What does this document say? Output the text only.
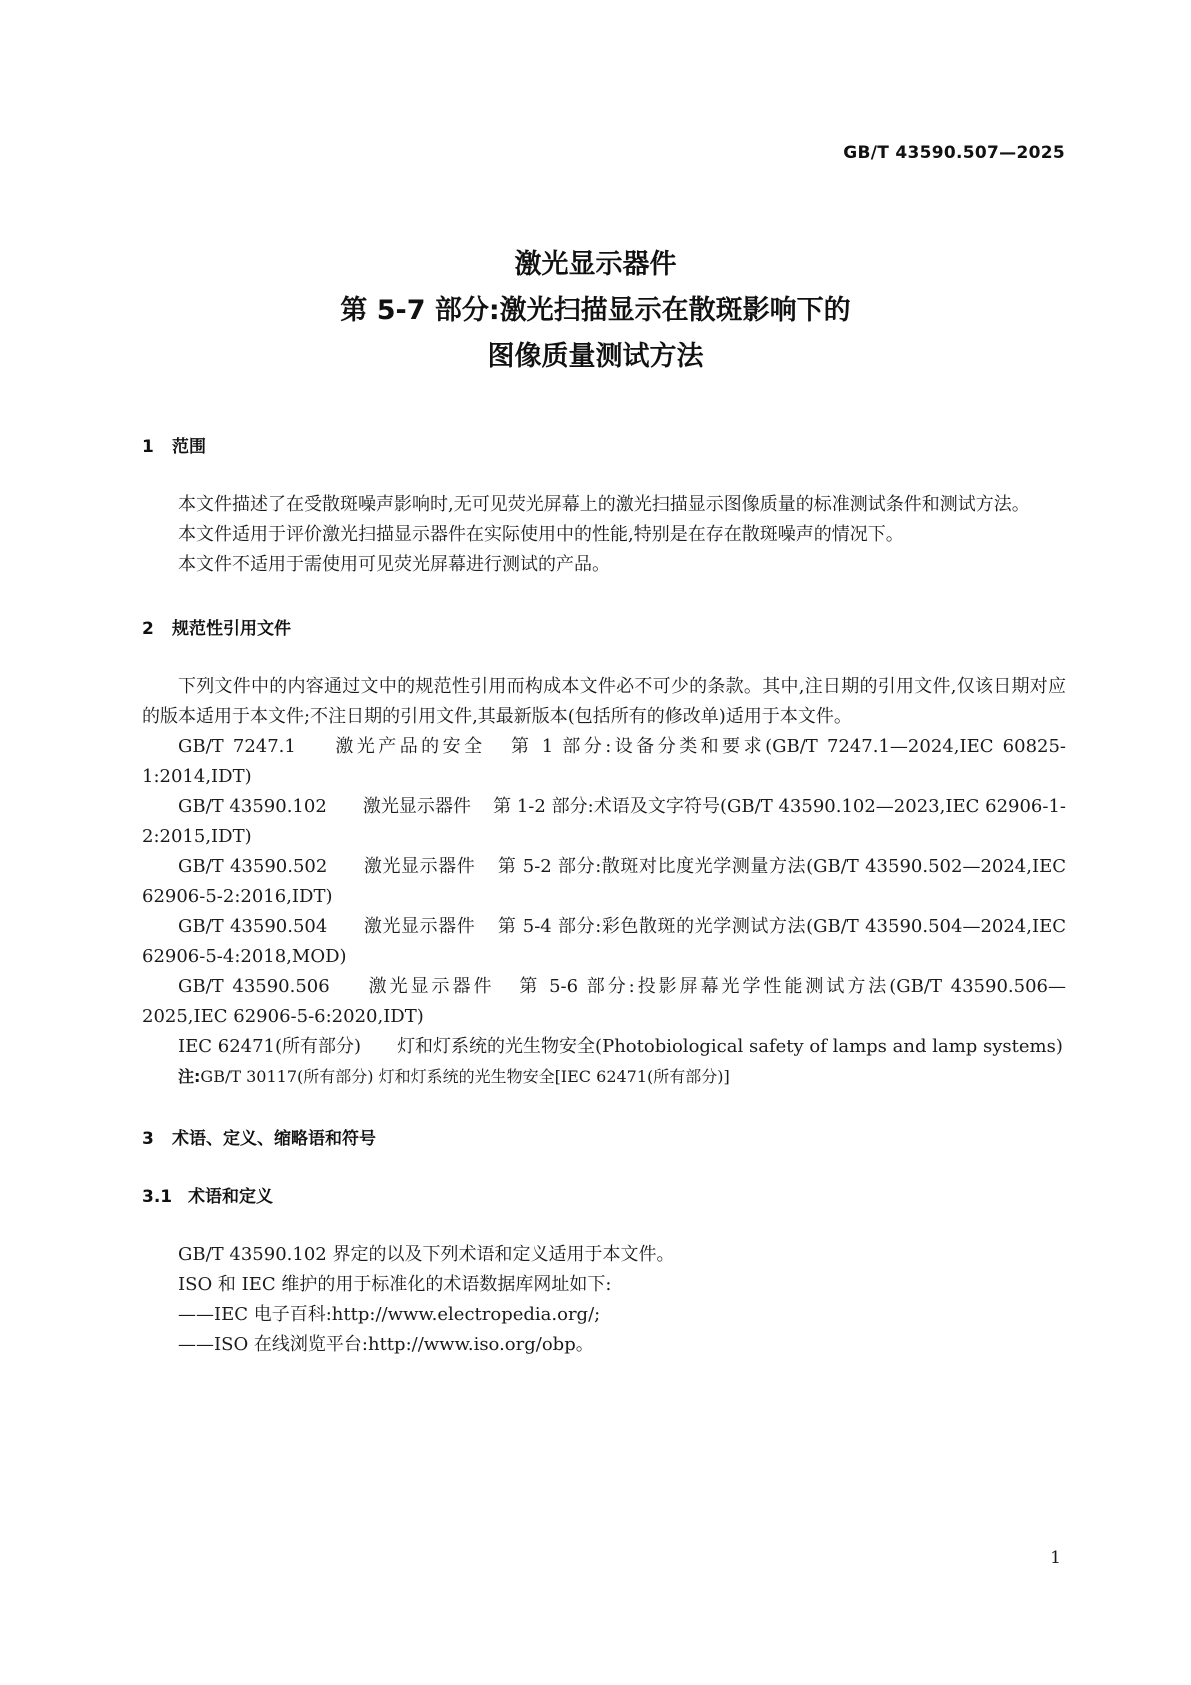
GB/T 43590.507—2025
激光显示器件
第 5-7 部分:激光扫描显示在散斑影响下的
图像质量测试方法
1 范围

本文件描述了在受散斑噪声影响时,无可见荧光屏幕上的激光扫描显示图像质量的标准测试条件和测试方法。

本文件适用于评价激光扫描显示器件在实际使用中的性能,特别是在存在散斑噪声的情况下。

本文件不适用于需使用可见荧光屏幕进行测试的产品。

2 规范性引用文件

下列文件中的内容通过文中的规范性引用而构成本文件必不可少的条款。其中,注日期的引用文件,仅该日期对应的版本适用于本文件;不注日期的引用文件,其最新版本(包括所有的修改单)适用于本文件。

GB/T 7247.1 激光产品的安全 第 1 部分:设备分类和要求(GB/T 7247.1—2024,IEC 60825-1:2014,IDT)

GB/T 43590.102 激光显示器件 第 1-2 部分:术语及文字符号(GB/T 43590.102—2023,IEC 62906-1-2:2015,IDT)

GB/T 43590.502 激光显示器件 第 5-2 部分:散斑对比度光学测量方法(GB/T 43590.502—2024,IEC 62906-5-2:2016,IDT)

GB/T 43590.504 激光显示器件 第 5-4 部分:彩色散斑的光学测试方法(GB/T 43590.504—2024,IEC 62906-5-4:2018,MOD)

GB/T 43590.506 激光显示器件 第 5-6 部分:投影屏幕光学性能测试方法(GB/T 43590.506—2025,IEC 62906-5-6:2020,IDT)

IEC 62471(所有部分) 灯和灯系统的光生物安全(Photobiological safety of lamps and lamp systems)

注:GB/T 30117(所有部分) 灯和灯系统的光生物安全[IEC 62471(所有部分)]

3 术语、定义、缩略语和符号
3.1 术语和定义

GB/T 43590.102 界定的以及下列术语和定义适用于本文件。

ISO 和 IEC 维护的用于标准化的术语数据库网址如下:

——IEC 电子百科:http://www.electropedia.org/;

——ISO 在线浏览平台:http://www.iso.org/obp。

1
